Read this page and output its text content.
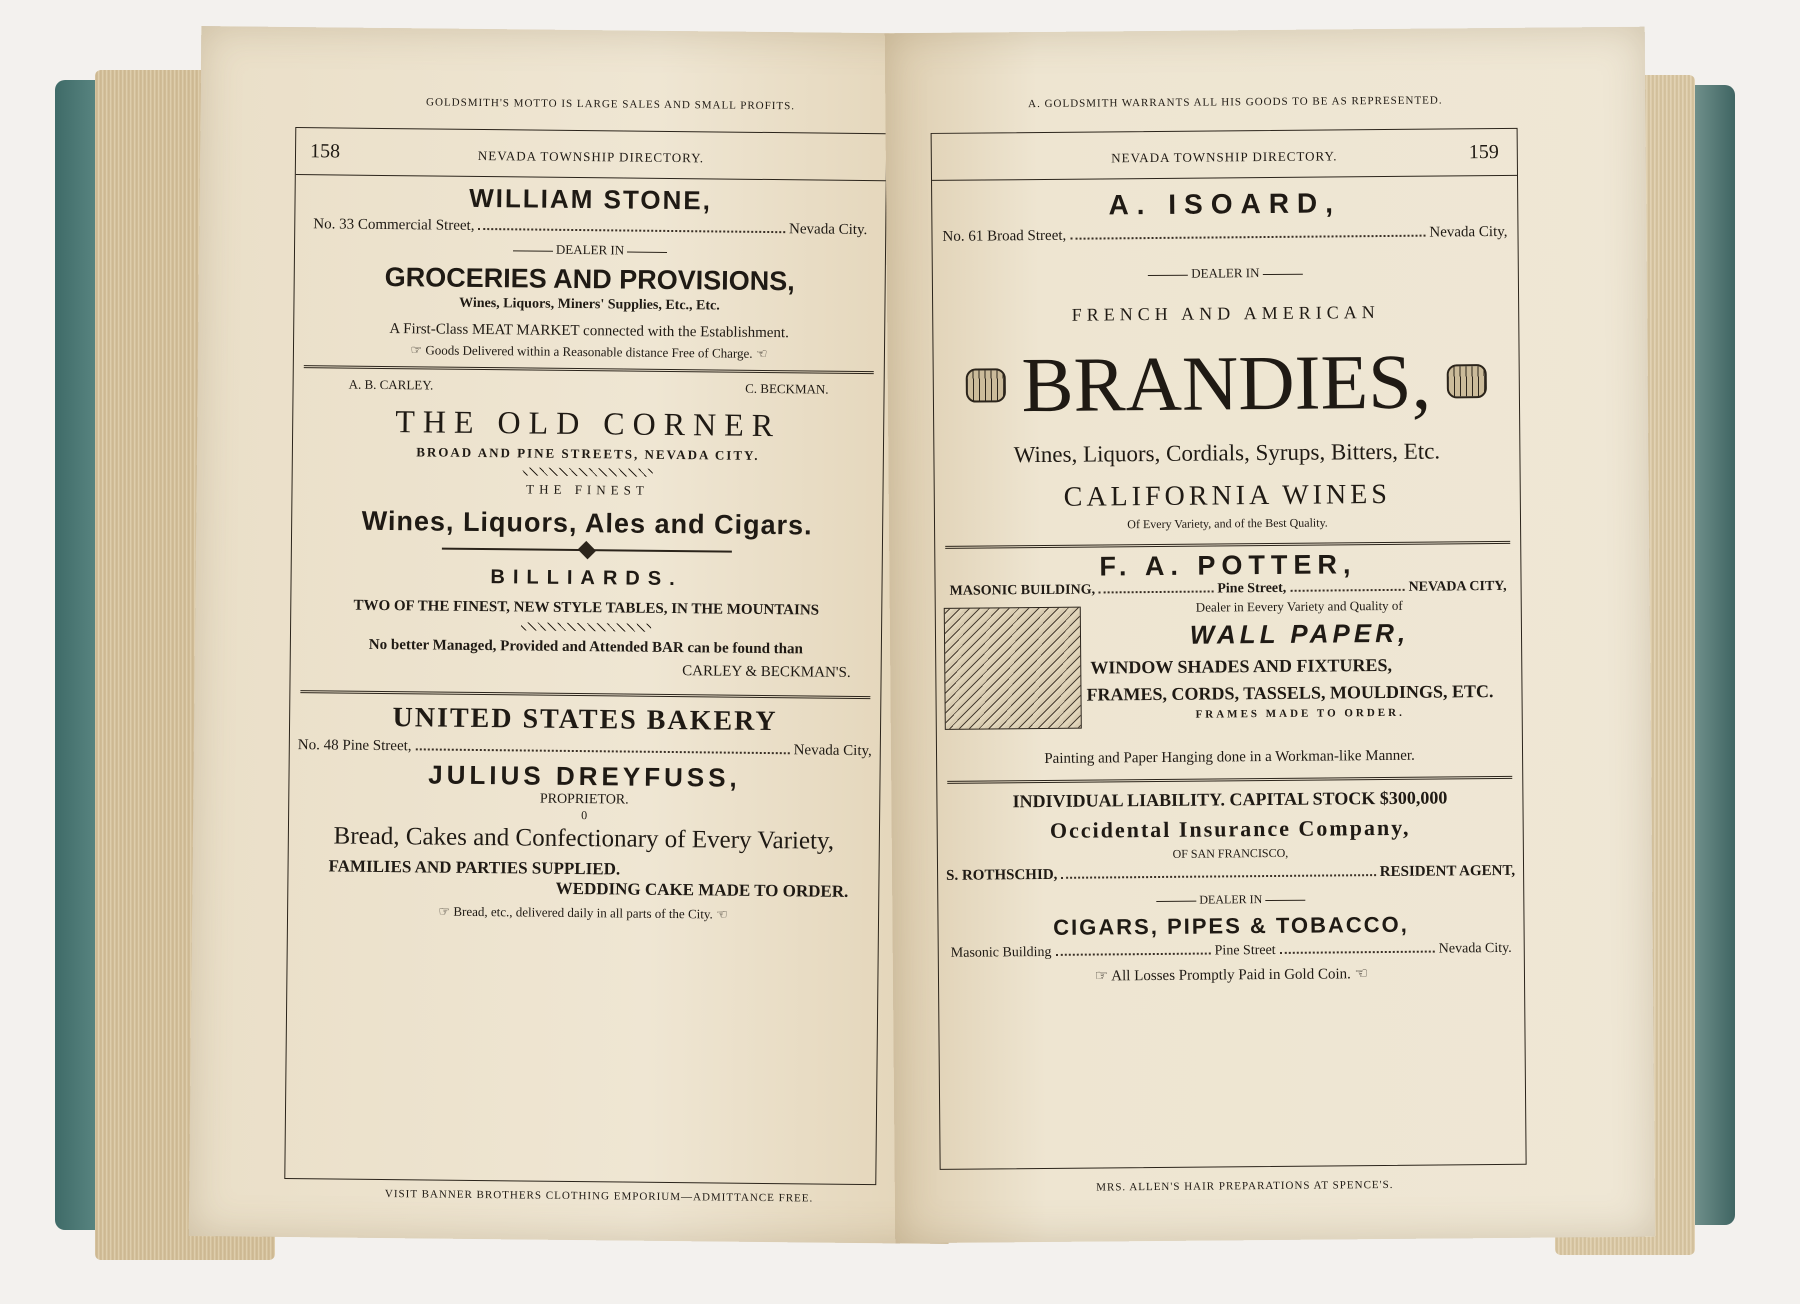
GOLDSMITH'S MOTTO IS LARGE SALES AND SMALL PROFITS.
158	NEVADA TOWNSHIP DIRECTORY.
WILLIAM STONE,
No. 33 Commercial Street,	Nevada City.
DEALER IN
GROCERIES AND PROVISIONS,
Wines, Liquors, Miners' Supplies, Etc., Etc.
A First-Class MEAT MARKET connected with the Establishment.
☞ Goods Delivered within a Reasonable distance Free of Charge. ☜
A. B. CARLEY.	C. BECKMAN.
THE OLD CORNER
BROAD AND PINE STREETS, NEVADA CITY.
THE FINEST
Wines, Liquors, Ales and Cigars.
BILLIARDS.
TWO OF THE FINEST, NEW STYLE TABLES, IN THE MOUNTAINS
No better Managed, Provided and Attended BAR can be found than
CARLEY & BECKMAN'S.
UNITED STATES BAKERY
No. 48 Pine Street,	Nevada City,
JULIUS DREYFUSS,
PROPRIETOR.
0
Bread, Cakes and Confectionary of Every Variety,
FAMILIES AND PARTIES SUPPLIED.
WEDDING CAKE MADE TO ORDER.
☞ Bread, etc., delivered daily in all parts of the City. ☜
VISIT BANNER BROTHERS CLOTHING EMPORIUM—ADMITTANCE FREE.
A. GOLDSMITH WARRANTS ALL HIS GOODS TO BE AS REPRESENTED.
NEVADA TOWNSHIP DIRECTORY.	159
A. ISOARD,
No. 61 Broad Street,	Nevada City,
DEALER IN
FRENCH AND AMERICAN
BRANDIES,
Wines, Liquors, Cordials, Syrups, Bitters, Etc.
CALIFORNIA WINES
Of Every Variety, and of the Best Quality.
F. A. POTTER,
MASONIC BUILDING,	Pine Street,	NEVADA CITY,
Dealer in Eevery Variety and Quality of
WALL PAPER,
WINDOW SHADES AND FIXTURES,
FRAMES, CORDS, TASSELS, MOULDINGS, ETC.
FRAMES MADE TO ORDER.
Painting and Paper Hanging done in a Workman-like Manner.
INDIVIDUAL LIABILITY. CAPITAL STOCK $300,000
Occidental Insurance Company,
OF SAN FRANCISCO,
S. ROTHSCHID,	RESIDENT AGENT,
DEALER IN
CIGARS, PIPES & TOBACCO,
Masonic Building	Pine Street	Nevada City.
☞ All Losses Promptly Paid in Gold Coin. ☜
MRS. ALLEN'S HAIR PREPARATIONS AT SPENCE'S.
